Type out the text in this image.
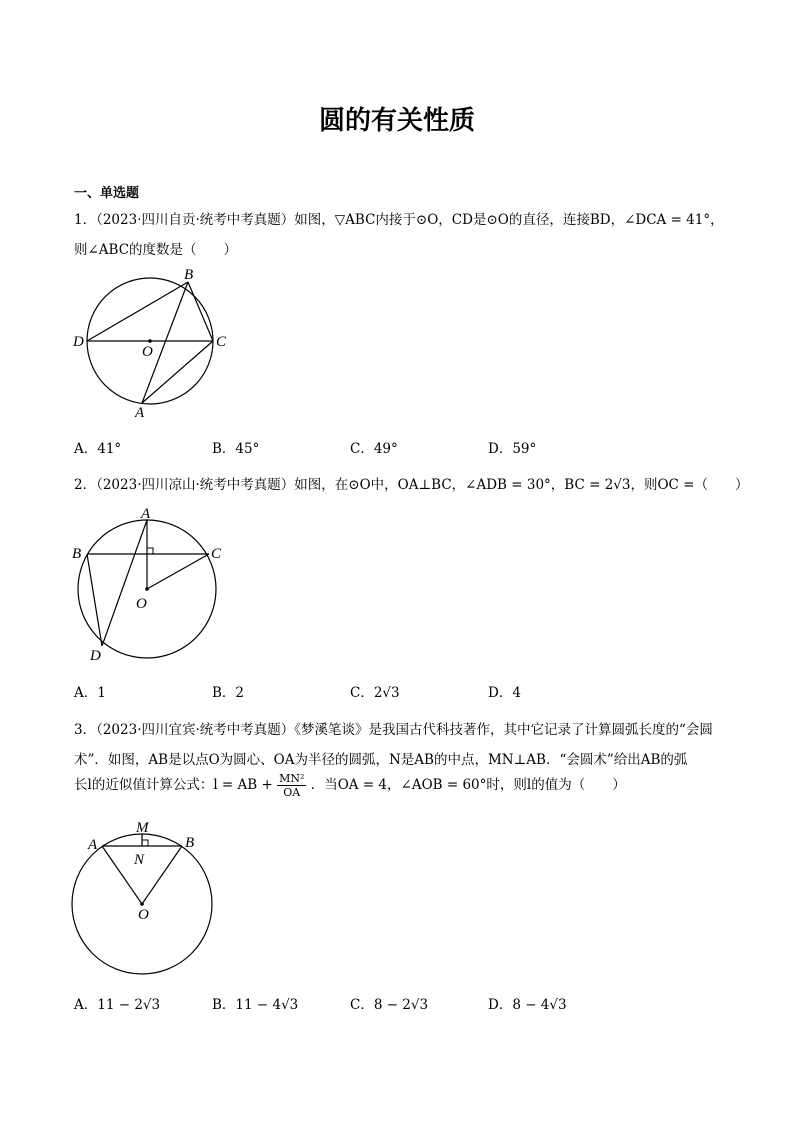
圆的有关性质
一、单选题
1．（2023·四川自贡·统考中考真题）如图，▽ABC内接于⊙O，CD是⊙O的直径，连接BD，∠DCA = 41°，
则∠ABC的度数是（　　）
B
D
O
C
A
A．41°	B．45°	C．49°	D．59°
2．（2023·四川凉山·统考中考真题）如图，在⊙O中，OA⊥BC，∠ADB = 30°，BC = 2√3，则OC =（　　）
A
B	C
O
D
A．1	B．2	C．2√3	D．4
3．（2023·四川宜宾·统考中考真题）《梦溪笔谈》是我国古代科技著作，其中它记录了计算圆弧长度的“会圆
术”．如图，AB是以点O为圆心、OA为半径的圆弧，N是AB的中点，MN⊥AB．“会圆术”给出AB的弧
长l的近似值计算公式：l = AB + $\frac{\text{MN²}}{OA}$ ．当OA = 4，∠AOB = 60°时，则l的值为（　　）
M
A	B
N
O
A．11 − 2√3	B．11 − 4√3	C．8 − 2√3	D．8 − 4√3
